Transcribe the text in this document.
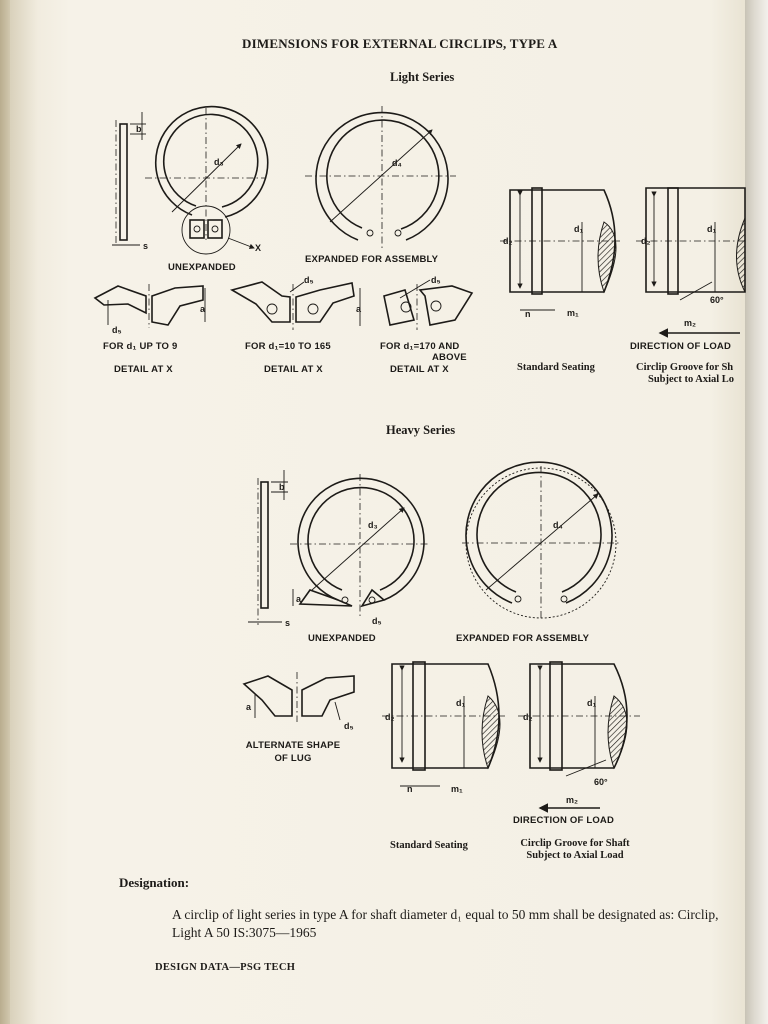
b
s
d₃
X
d₄
a
d₅
a
d₅	d₅
d₂
d₁
n	m₁
d₂
d₁
60°
m₂
b
s
d₃
a
d₅
d₄
a
d₅
d₂
d₁
n	m₁
d₂
d₁
60°
m₂
DIMENSIONS FOR EXTERNAL CIRCLIPS, TYPE A
Light Series
UNEXPANDED
EXPANDED FOR ASSEMBLY
FOR d₁ UP TO 9
DETAIL AT X
FOR d₁=10 TO 165
DETAIL AT X
FOR d₁=170 AND
ABOVE
DETAIL AT X	Standard Seating
DIRECTION OF LOAD
Circlip Groove for Sh
Subject to Axial Lo
Heavy Series
UNEXPANDED	EXPANDED FOR ASSEMBLY
ALTERNATE SHAPE
OF LUG
Standard Seating
DIRECTION OF LOAD
Circlip Groove for Shaft
Subject to Axial Load
Designation:
A circlip of light series in type A for shaft diameter d₁ equal to 50 mm shall be designated as: Circlip, Light A 50 IS:3075—1965
DESIGN DATA—PSG TECH
